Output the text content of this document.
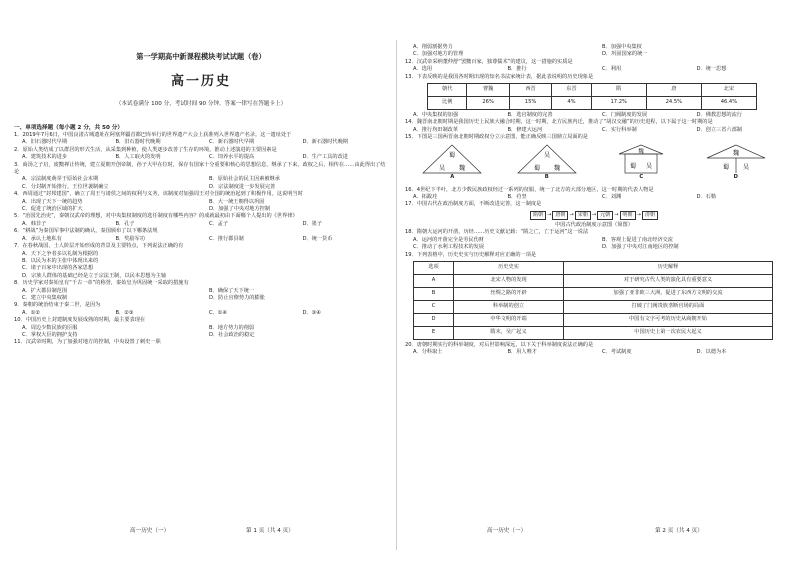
第一学期高中新课程模块考试试题（卷）
高一历史
（本试卷满分 100 分，考试时间 90 分钟。答案一律写在答题卡上）
一、单项选择题（每小题 2 分，共 50 分）
1．2019年7月6日，中国良渚古城遗址在阿塞拜疆首都巴库举行的世界遗产大会上获准列入世界遗产名录。这一遗址处于
A．旧石器时代早期	B．旧石器时代晚期	C．新石器时代早期	D．新石器时代晚期
2．原始人类结成了以群居的形式生活，从采集到种植，使人类逐步改善了生存的环境。推动上述演进的主要因素是
A．建筑技术的进步	B．人工取火的发明	C．饲养水平的提高	D．生产工具的改进
3．商汤之子启，废黜禅让传统，建立夏朝开创帝制，孙子大甲在位时，保存有国家十分重要和核心的思想信息，继承了下来，政权之后，相传在……由此得出了结论
A．宗法制度萌芽于原始社会末期	B．原始社会的民主因素被继承
C．分封制开始推行，王位世袭制确立	D．宗法制度进一步发展完善
4．西周通过“封邦建国”，确立了周王与诸侯之间的权利与义务，该制度对加强周王对全国的统治起到了积极作用。这说明当时
A．出现了天下一统的趋势	B．大一统王朝得以巩固
C．促进了统治区域的扩大	D．加强了中央对地方控制
5．“治国先治吏”，秦朝汉武帝的理想，对中央集权制度的选任制度有哪些内容？的成就最初由下面哪个人提出的《世界律》
A．韩非子	B．孔子	C．孟子	D．墨子
6．“耕战”为秦国军事中法制的确认，秦国颁布了以下哪条法规
A．承认土地私有	B．奖励军功	C．推行郡县制	D．统一货币
7．在春秋战国，士人阶层开始形成的背景及主要特点，下列说法正确的有
A．天下之争者多以礼制为根据的
B．以民为本的主张中体现出来的
C．诸子百家中出现的各家思想
D．宗族人群体的基础已经是立于宗法王制，以民本思想为主轴
8．历史学家对秦始皇有“千古一帝”的称誉，秦始皇为巩固统一采取的措施有
A．扩大郡县制范围	B．确保了天下统一
C．建立中央集权制	D．防止官僚势力的膨胀
9．秦朝的统治结束于秦二世，是因为
A．①②	B．②③	C．①④	D．③④
10．中国历史上封建制度发展成熟的时期，最主要表现在
A．周边少数民族的臣服	B．地方势力的削弱
C．掌权大臣的拥护支持	D．社会政治的稳定
11．汉武帝时期，为了加强对地方的控制，中央设置了刺史一职
高一历史（一）	第 1 页（共 4 页）
A．削弱割据势力	B．加强中央集权
C．加强对地方的管理	D．巩固国家的统一
12．汉武帝采纳董仲舒“罢黜百家，独尊儒术”的建议，这一措施的实质是
A．选用	B．推行	C．利用	D．统一思想
13．下表反映的是我国各时期出现的知名书法家统计表，据此表说明的历史现象是
朝代	曹魏	西晋	东晋	隋	唐	北宋
比例	26%	15%	4%	17.2%	24.5%	46.4%
A．中央集权的加强	B．选官制度的完善	C．门阀制度的发展	D．佛教思想的流行
14．魏晋南北朝时期是我国历史上民族大融合时期，这一时期，北方民族内迁，推动了“胡汉交融”的历史进程，以下属于这一时期的是
A．推行均田制改革	B．修建大运河	C．实行科举制	D．创立三省六部制
15．下图是三国两晋南北朝时期政权分立示意图，能正确反映三国鼎立局面的是
蜀
吴 魏
A
吴
蜀 魏
B
魏
蜀 吴
C
魏
蜀 吴
D
16．4世纪下半叶，北方少数民族政权经过一系列的征服，统一了北方的大部分地区，这一时期的代表人物是
A．拓跋珪	B．苻坚	C．刘渊	D．石勒
17．中国古代在政治制度方面，不断改进完善，这一制度是
隋朝 → 唐朝 → 宋朝 → 元朝 → 明朝 → 清朝
中国古代政治制度示意图（简图）
18．隋朝大运河的开凿，历经……历史文献记载：“隋之亡，亡于运河”这一说法
A．运河的开凿完全是劳民伤财	B．客观上促进了南北经济交流
C．推动了水利工程技术的发展	D．加强了中央对江南地区的控制
19．下列表格中，历史史实与历史解释对应正确的一项是
选项	历史史实	历史解释
A	北宋人物的发现	对于研究古代人类的演化具有重要意义
B	丝绸之路的开辟	加强了亚非欧三大洲，促进了东西方文明的交流
C	科举制的创立	打破了门阀贵族垄断官场的局面
D	中华文明的开端	中国有文字可考的历史从商朝开始
E	隋末，吴广起义	中国历史上第一次农民大起义
20．唐朝时期实行的科举制度，对后世影响深远，以下关于科举制度说法正确的是
A．分科取士	B．用人唯才	C．考试制度	D．以德为本
高一历史（一）	第 2 页（共 4 页）
